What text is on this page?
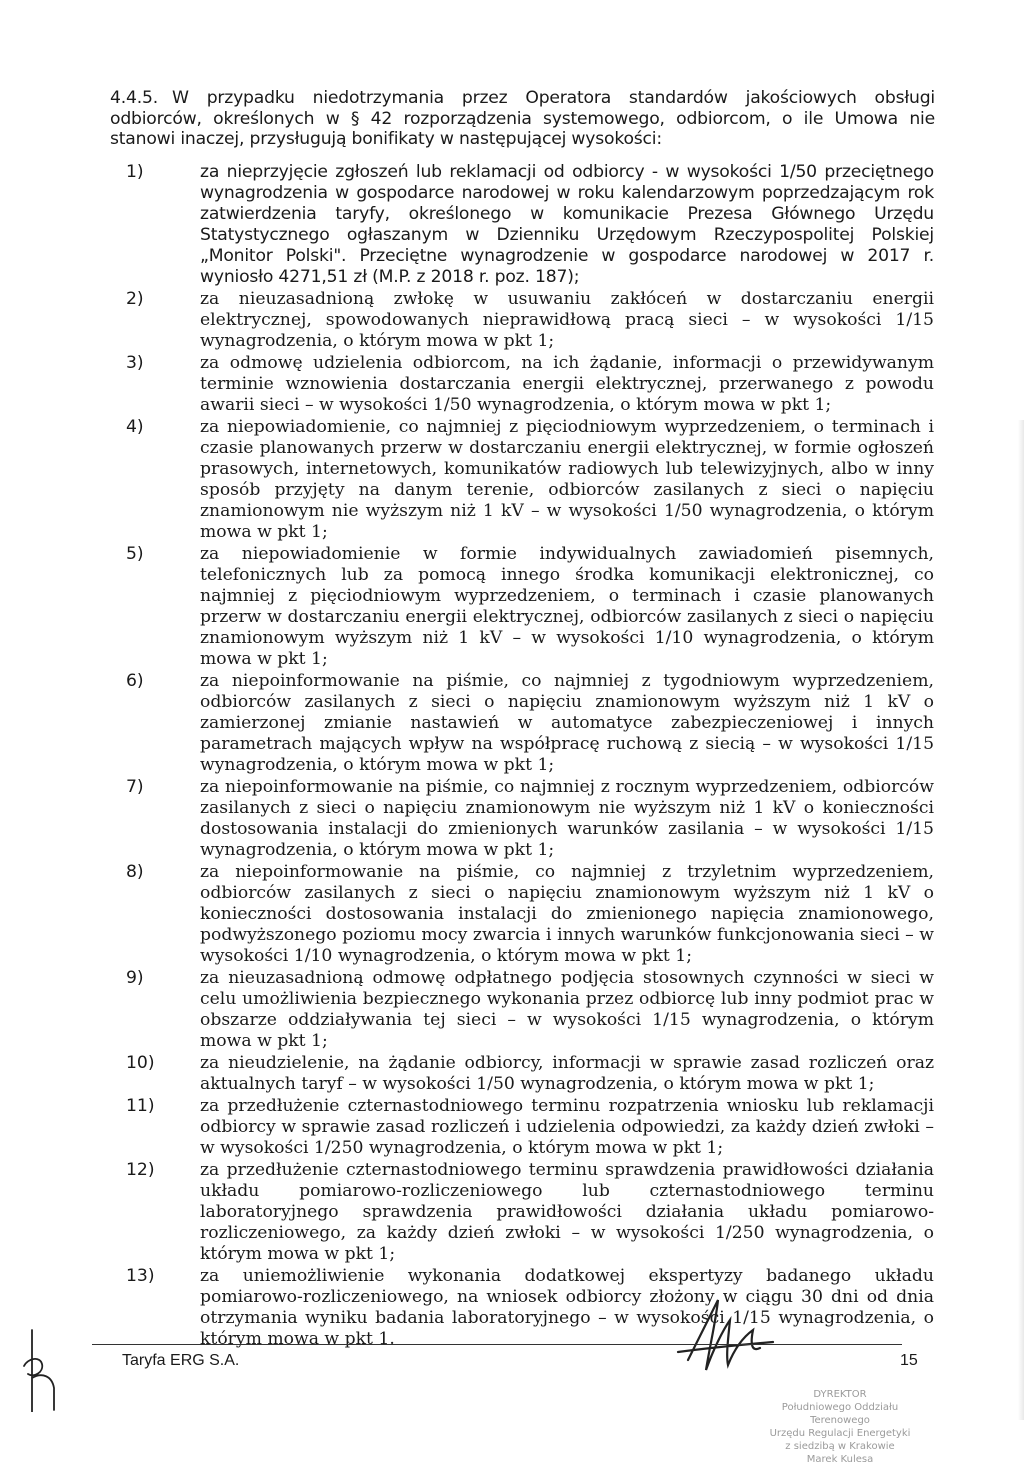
4.4.5. W przypadku niedotrzymania przez Operatora standardów jakościowych obsługi odbiorców, określonych w § 42 rozporządzenia systemowego, odbiorcom, o ile Umowa nie stanowi inaczej, przysługują bonifikaty w następującej wysokości:
1)	za nieprzyjęcie zgłoszeń lub reklamacji od odbiorcy - w wysokości 1/50 przeciętnego wynagrodzenia w gospodarce narodowej w roku kalendarzowym poprzedzającym rok zatwierdzenia taryfy, określonego w komunikacie Prezesa Głównego Urzędu Statystycznego ogłaszanym w Dzienniku Urzędowym Rzeczypospolitej Polskiej „Monitor Polski". Przeciętne wynagrodzenie w gospodarce narodowej w 2017 r. wyniosło 4271,51 zł (M.P. z 2018 r. poz. 187);
2)	za nieuzasadnioną zwłokę w usuwaniu zakłóceń w dostarczaniu energii elektrycznej, spowodowanych nieprawidłową pracą sieci – w wysokości 1/15 wynagrodzenia, o którym mowa w pkt 1;
3)	za odmowę udzielenia odbiorcom, na ich żądanie, informacji o przewidywanym terminie wznowienia dostarczania energii elektrycznej, przerwanego z powodu awarii sieci – w wysokości 1/50 wynagrodzenia, o którym mowa w pkt 1;
4)	za niepowiadomienie, co najmniej z pięciodniowym wyprzedzeniem, o terminach i czasie planowanych przerw w dostarczaniu energii elektrycznej, w formie ogłoszeń prasowych, internetowych, komunikatów radiowych lub telewizyjnych, albo w inny sposób przyjęty na danym terenie, odbiorców zasilanych z sieci o napięciu znamionowym nie wyższym niż 1 kV – w wysokości 1/50 wynagrodzenia, o którym mowa w pkt 1;
5)	za niepowiadomienie w formie indywidualnych zawiadomień pisemnych, telefonicznych lub za pomocą innego środka komunikacji elektronicznej, co najmniej z pięciodniowym wyprzedzeniem, o terminach i czasie planowanych przerw w dostarczaniu energii elektrycznej, odbiorców zasilanych z sieci o napięciu znamionowym wyższym niż 1 kV – w wysokości 1/10 wynagrodzenia, o którym mowa w pkt 1;
6)	za niepoinformowanie na piśmie, co najmniej z tygodniowym wyprzedzeniem, odbiorców zasilanych z sieci o napięciu znamionowym wyższym niż 1 kV o zamierzonej zmianie nastawień w automatyce zabezpieczeniowej i innych parametrach mających wpływ na współpracę ruchową z siecią – w wysokości 1/15 wynagrodzenia, o którym mowa w pkt 1;
7)	za niepoinformowanie na piśmie, co najmniej z rocznym wyprzedzeniem, odbiorców zasilanych z sieci o napięciu znamionowym nie wyższym niż 1 kV o konieczności dostosowania instalacji do zmienionych warunków zasilania – w wysokości 1/15 wynagrodzenia, o którym mowa w pkt 1;
8)	za niepoinformowanie na piśmie, co najmniej z trzyletnim wyprzedzeniem, odbiorców zasilanych z sieci o napięciu znamionowym wyższym niż 1 kV o konieczności dostosowania instalacji do zmienionego napięcia znamionowego, podwyższonego poziomu mocy zwarcia i innych warunków funkcjonowania sieci – w wysokości 1/10 wynagrodzenia, o którym mowa w pkt 1;
9)	za nieuzasadnioną odmowę odpłatnego podjęcia stosownych czynności w sieci w celu umożliwienia bezpiecznego wykonania przez odbiorcę lub inny podmiot prac w obszarze oddziaływania tej sieci – w wysokości 1/15 wynagrodzenia, o którym mowa w pkt 1;
10)	za nieudzielenie, na żądanie odbiorcy, informacji w sprawie zasad rozliczeń oraz aktualnych taryf – w wysokości 1/50 wynagrodzenia, o którym mowa w pkt 1;
11)	za przedłużenie czternastodniowego terminu rozpatrzenia wniosku lub reklamacji odbiorcy w sprawie zasad rozliczeń i udzielenia odpowiedzi, za każdy dzień zwłoki – w wysokości 1/250 wynagrodzenia, o którym mowa w pkt 1;
12)	za przedłużenie czternastodniowego terminu sprawdzenia prawidłowości działania układu pomiarowo-rozliczeniowego lub czternastodniowego terminu laboratoryjnego sprawdzenia prawidłowości działania układu pomiarowo-rozliczeniowego, za każdy dzień zwłoki – w wysokości 1/250 wynagrodzenia, o którym mowa w pkt 1;
13)	za uniemożliwienie wykonania dodatkowej ekspertyzy badanego układu pomiarowo-rozliczeniowego, na wniosek odbiorcy złożony w ciągu 30 dni od dnia otrzymania wyniku badania laboratoryjnego – w wysokości 1/15 wynagrodzenia, o którym mowa w pkt 1.
DYREKTOR
Południowego Oddziału Terenowego
Urzędu Regulacji Energetyki
z siedzibą w Krakowie
Marek Kulesa
Taryfa ERG S.A.	15
